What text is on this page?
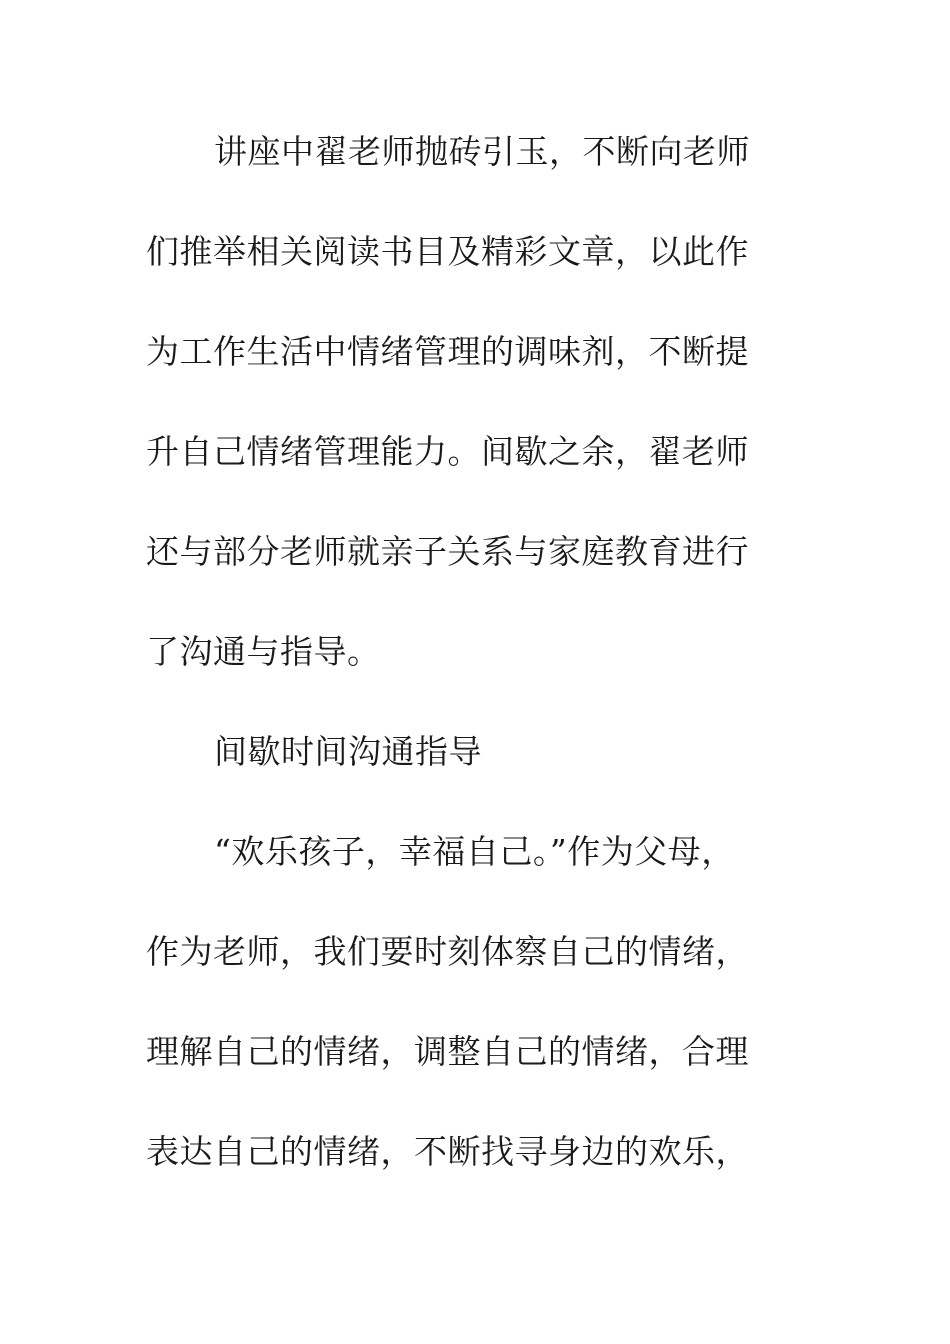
讲座中翟老师抛砖引玉，不断向老师
们推举相关阅读书目及精彩文章，以此作
为工作生活中情绪管理的调味剂，不断提
升自己情绪管理能力。间歇之余，翟老师
还与部分老师就亲子关系与家庭教育进行
了沟通与指导。
间歇时间沟通指导
“欢乐孩子，幸福自己。”作为父母，
作为老师，我们要时刻体察自己的情绪，
理解自己的情绪，调整自己的情绪，合理
表达自己的情绪，不断找寻身边的欢乐，
